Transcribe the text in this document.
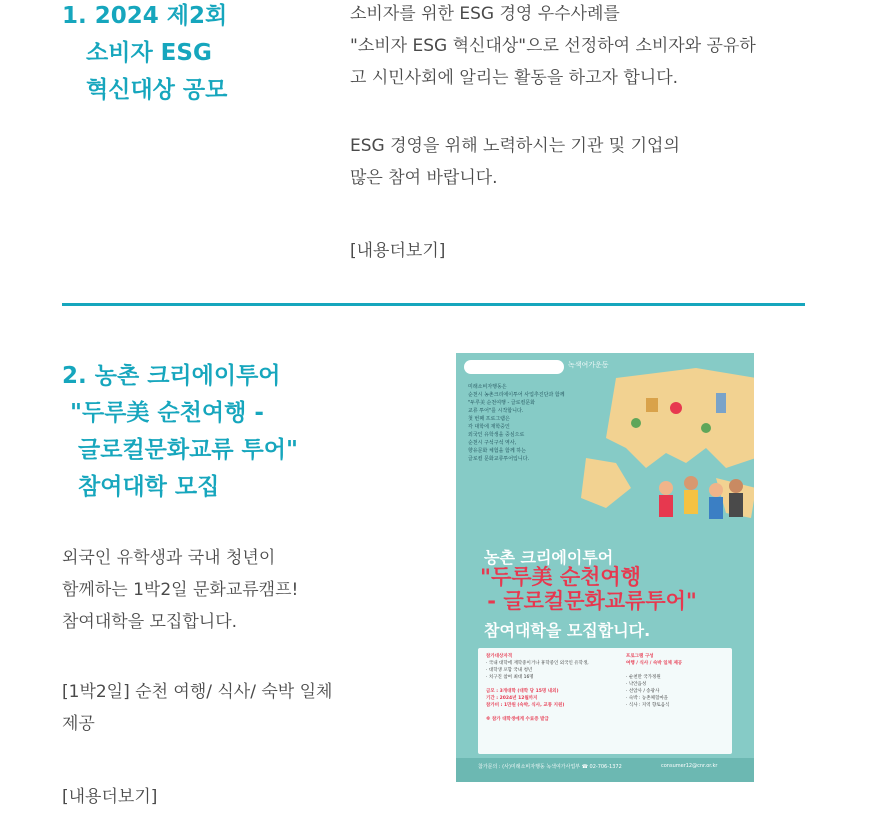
1. 2024 제2회
소비자 ESG
혁신대상 공모
소비자를 위한 ESG 경영 우수사례를
"소비자 ESG 혁신대상"으로 선정하여 소비자와 공유하
고 시민사회에 알리는 활동을 하고자 합니다.
ESG 경영을 위해 노력하시는 기관 및 기업의
많은 참여 바랍니다.
[내용더보기]
2. 농촌 크리에이투어
"두루美 순천여행 -
글로컬문화교류 투어"
참여대학 모집
외국인 유학생과 국내 청년이
함께하는 1박2일 문화교류캠프!
참여대학을 모집합니다.
[1박2일] 순천 여행/ 식사/ 숙박 일체
제공
[내용더보기]
녹색여가운동
미래소비자행동은
순천시 농촌크리에이투어 사업추진단과 함께
"두루美 순천여행 - 글로컬문화
교류 투어"를 시작합니다.
첫 번째 프로그램은
각 대학에 재학중인
외국인 유학생을 중심으로
순천시 구석구석 역사,
향유문화 체험을 함께 하는
글로컬 문화교류투어입니다.
농촌 크리에이투어
"두루美 순천여행
- 글로컬문화교류투어"
참여대학을 모집합니다.
참가대상자격
· 국내 대학에 재학중이거나 휴학중인 외국인 유학생,
· 대학생 포함 국내 청년
· 치구진 참여 최대 16명

금모 : 3개대학 (대학 당 15명 내외)
기간 : 2024년 12월까지
참가비 : 1만원 (숙박, 식사, 교통 지원)

※ 참가 대학생에게 수료증 발급
프로그램 구성
여행 / 식사 / 숙박 일체 제공

· 순천만 국가정원
· 낙안읍성
· 선암사 / 송광사
· 숙박 : 농촌체험마을
· 식사 : 지역 향토음식
참가문의 : (사)미래소비자행동 녹색여가사업부 ☎ 02-706-1372	consumer12@cnr.or.kr
